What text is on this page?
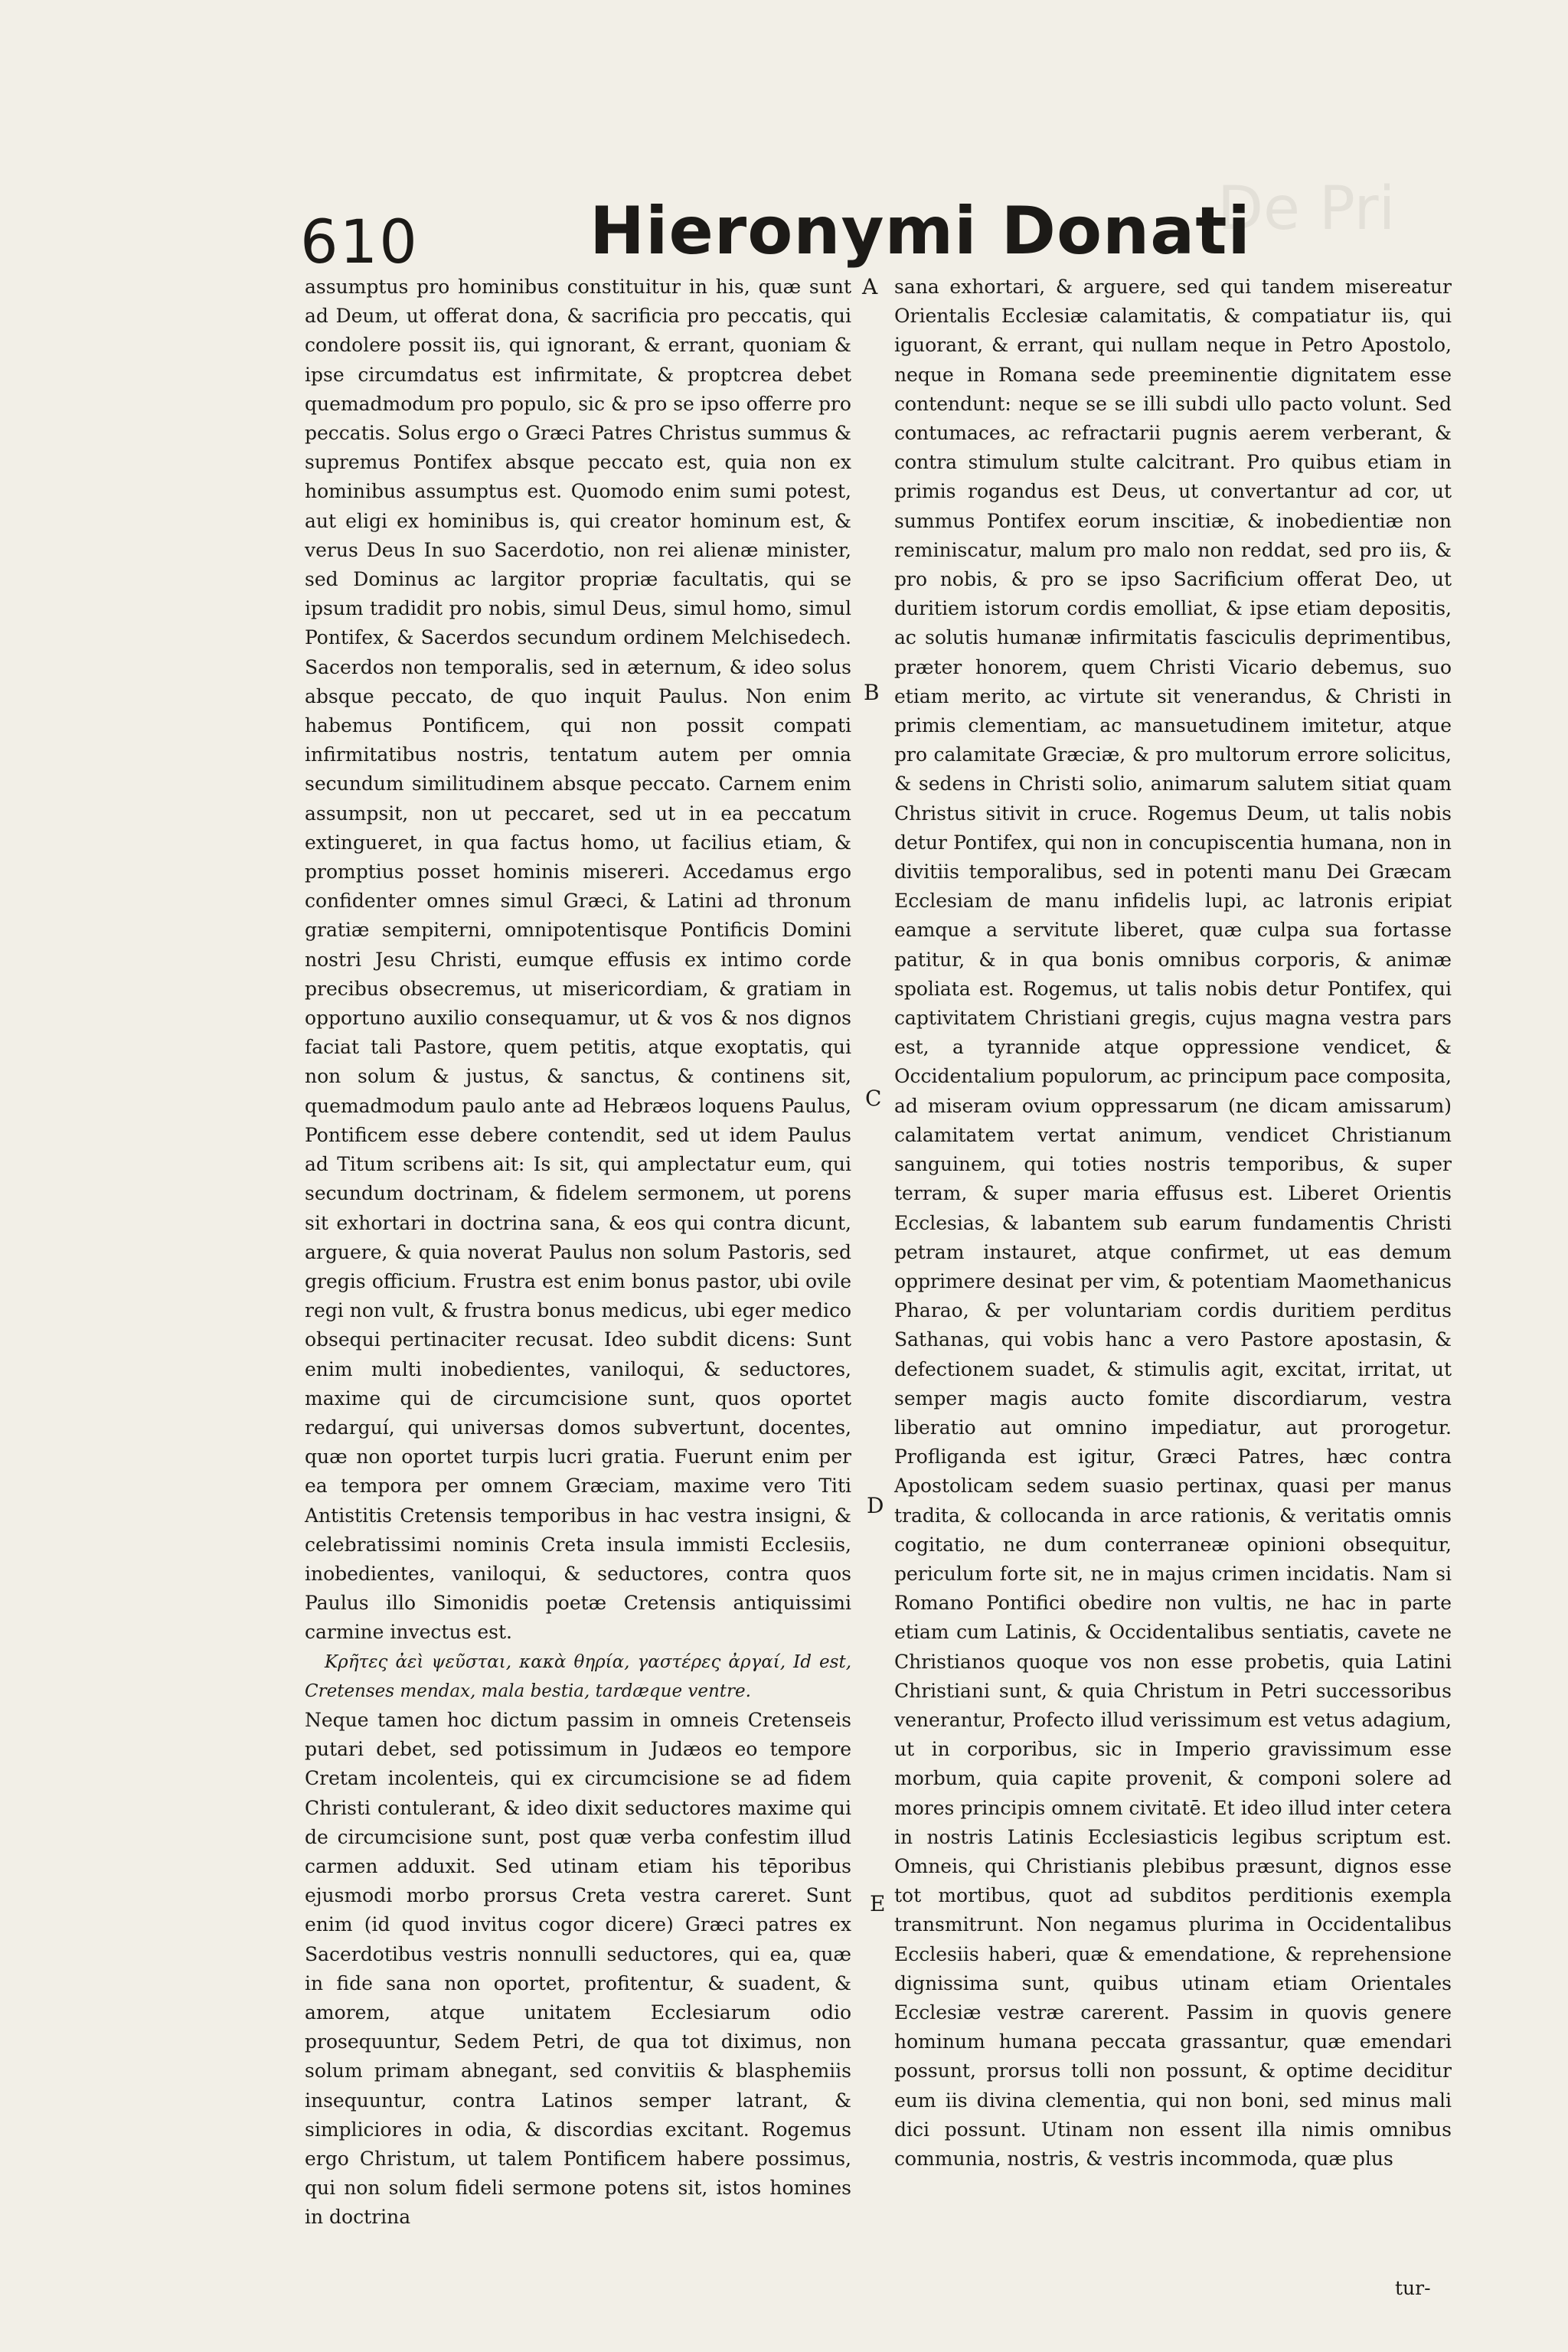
De Pri
610	Hieronymi Donati

assumptus pro hominibus constituitur in his, quæ sunt ad Deum, ut offerat dona, & sacrificia pro peccatis, qui condolere possit iis, qui ignorant, & errant, quoniam & ipse circumdatus est infirmitate, & proptcrea debet quemadmodum pro populo, sic & pro se ipso offerre pro peccatis. Solus ergo o Græci Patres Christus summus & supremus Pontifex absque peccato est, quia non ex hominibus assumptus est. Quomodo enim sumi potest, aut eligi ex hominibus is, qui creator hominum est, & verus Deus In suo Sacerdotio, non rei alienæ minister, sed Dominus ac largitor propriæ facultatis, qui se ipsum tradidit pro nobis, simul Deus, simul homo, simul Pontifex, & Sacerdos secundum ordinem Melchisedech. Sacerdos non temporalis, sed in æternum, & ideo solus absque peccato, de quo inquit Paulus. Non enim habemus Pontificem, qui non possit compati infirmitatibus nostris, tentatum autem per omnia secundum similitudinem absque peccato. Carnem enim assumpsit, non ut peccaret, sed ut in ea peccatum extingueret, in qua factus homo, ut facilius etiam, & promptius posset hominis misereri. Accedamus ergo confidenter omnes simul Græci, & Latini ad thronum gratiæ sempiterni, omnipotentisque Pontificis Domini nostri Jesu Christi, eumque effusis ex intimo corde precibus obsecremus, ut misericordiam, & gratiam in opportuno auxilio consequamur, ut & vos & nos dignos faciat tali Pastore, quem petitis, atque exoptatis, qui non solum & justus, & sanctus, & continens sit, quemadmodum paulo ante ad Hebræos loquens Paulus, Pontificem esse debere contendit, sed ut idem Paulus ad Titum scribens ait: Is sit, qui amplectatur eum, qui secundum doctrinam, & fidelem sermonem, ut porens sit exhortari in doctrina sana, & eos qui contra dicunt, arguere, & quia noverat Paulus non solum Pastoris, sed gregis officium. Frustra est enim bonus pastor, ubi ovile regi non vult, & frustra bonus medicus, ubi eger medico obsequi pertinaciter recusat. Ideo subdit dicens: Sunt enim multi inobedientes, vaniloqui, & seductores, maxime qui de circumcisione sunt, quos oportet redarguí, qui universas domos subvertunt, docentes, quæ non oportet turpis lucri gratia. Fuerunt enim per ea tempora per omnem Græciam, maxime vero Titi Antistitis Cretensis temporibus in hac vestra insigni, & celebratissimi nominis Creta insula immisti Ecclesiis, inobedientes, vaniloqui, & seductores, contra quos Paulus illo Simonidis poetæ Cretensis antiquissimi carmine invectus est.

Κρῆτες ἀεὶ ψεῦσται, κακὰ θηρία, γαστέρες ἀργαί, Id est, Cretenses mendax, mala bestia, tardæque ventre.

Neque tamen hoc dictum passim in omneis Cretenseis putari debet, sed potissimum in Judæos eo tempore Cretam incolenteis, qui ex circumcisione se ad fidem Christi contulerant, & ideo dixit seductores maxime qui de circumcisione sunt, post quæ verba confestim illud carmen adduxit. Sed utinam etiam his tēporibus ejusmodi morbo prorsus Creta vestra careret. Sunt enim (id quod invitus cogor dicere) Græci patres ex Sacerdotibus vestris nonnulli seductores, qui ea, quæ in fide sana non oportet, profitentur, & suadent, & amorem, atque unitatem Ecclesiarum odio prosequuntur, Sedem Petri, de qua tot diximus, non solum primam abnegant, sed convitiis & blasphemiis insequuntur, contra Latinos semper latrant, & simpliciores in odia, & discordias excitant. Rogemus ergo Christum, ut talem Pontificem habere possimus, qui non solum fideli sermone potens sit, istos homines in doctrina

A
B
C
D
E

sana exhortari, & arguere, sed qui tandem misereatur Orientalis Ecclesiæ calamitatis, & compatiatur iis, qui iguorant, & errant, qui nullam neque in Petro Apostolo, neque in Romana sede preeminentie dignitatem esse contendunt: neque se se illi subdi ullo pacto volunt. Sed contumaces, ac refractarii pugnis aerem verberant, & contra stimulum stulte calcitrant. Pro quibus etiam in primis rogandus est Deus, ut convertantur ad cor, ut summus Pontifex eorum inscitiæ, & inobedientiæ non reminiscatur, malum pro malo non reddat, sed pro iis, & pro nobis, & pro se ipso Sacrificium offerat Deo, ut duritiem istorum cordis emolliat, & ipse etiam depositis, ac solutis humanæ infirmitatis fasciculis deprimentibus, præter honorem, quem Christi Vicario debemus, suo etiam merito, ac virtute sit venerandus, & Christi in primis clementiam, ac mansuetudinem imitetur, atque pro calamitate Græciæ, & pro multorum errore solicitus, & sedens in Christi solio, animarum salutem sitiat quam Christus sitivit in cruce. Rogemus Deum, ut talis nobis detur Pontifex, qui non in concupiscentia humana, non in divitiis temporalibus, sed in potenti manu Dei Græcam Ecclesiam de manu infidelis lupi, ac latronis eripiat eamque a servitute liberet, quæ culpa sua fortasse patitur, & in qua bonis omnibus corporis, & animæ spoliata est. Rogemus, ut talis nobis detur Pontifex, qui captivitatem Christiani gregis, cujus magna vestra pars est, a tyrannide atque oppressione vendicet, & Occidentalium populorum, ac principum pace composita, ad miseram ovium oppressarum (ne dicam amissarum) calamitatem vertat animum, vendicet Christianum sanguinem, qui toties nostris temporibus, & super terram, & super maria effusus est. Liberet Orientis Ecclesias, & labantem sub earum fundamentis Christi petram instauret, atque confirmet, ut eas demum opprimere desinat per vim, & potentiam Maomethanicus Pharao, & per voluntariam cordis duritiem perditus Sathanas, qui vobis hanc a vero Pastore apostasin, & defectionem suadet, & stimulis agit, excitat, irritat, ut semper magis aucto fomite discordiarum, vestra liberatio aut omnino impediatur, aut prorogetur. Profliganda est igitur, Græci Patres, hæc contra Apostolicam sedem suasio pertinax, quasi per manus tradita, & collocanda in arce rationis, & veritatis omnis cogitatio, ne dum conterraneæ opinioni obsequitur, periculum forte sit, ne in majus crimen incidatis. Nam si Romano Pontifici obedire non vultis, ne hac in parte etiam cum Latinis, & Occidentalibus sentiatis, cavete ne Christianos quoque vos non esse probetis, quia Latini Christiani sunt, & quia Christum in Petri successoribus venerantur, Profecto illud verissimum est vetus adagium, ut in corporibus, sic in Imperio gravissimum esse morbum, quia capite provenit, & componi solere ad mores principis omnem civitatē. Et ideo illud inter cetera in nostris Latinis Ecclesiasticis legibus scriptum est. Omneis, qui Christianis plebibus præsunt, dignos esse tot mortibus, quot ad subditos perditionis exempla transmitrunt. Non negamus plurima in Occidentalibus Ecclesiis haberi, quæ & emendatione, & reprehensione dignissima sunt, quibus utinam etiam Orientales Ecclesiæ vestræ carerent. Passim in quovis genere hominum humana peccata grassantur, quæ emendari possunt, prorsus tolli non possunt, & optime deciditur eum iis divina clementia, qui non boni, sed minus mali dici possunt. Utinam non essent illa nimis omnibus communia, nostris, & vestris incommoda, quæ plus

tur-
